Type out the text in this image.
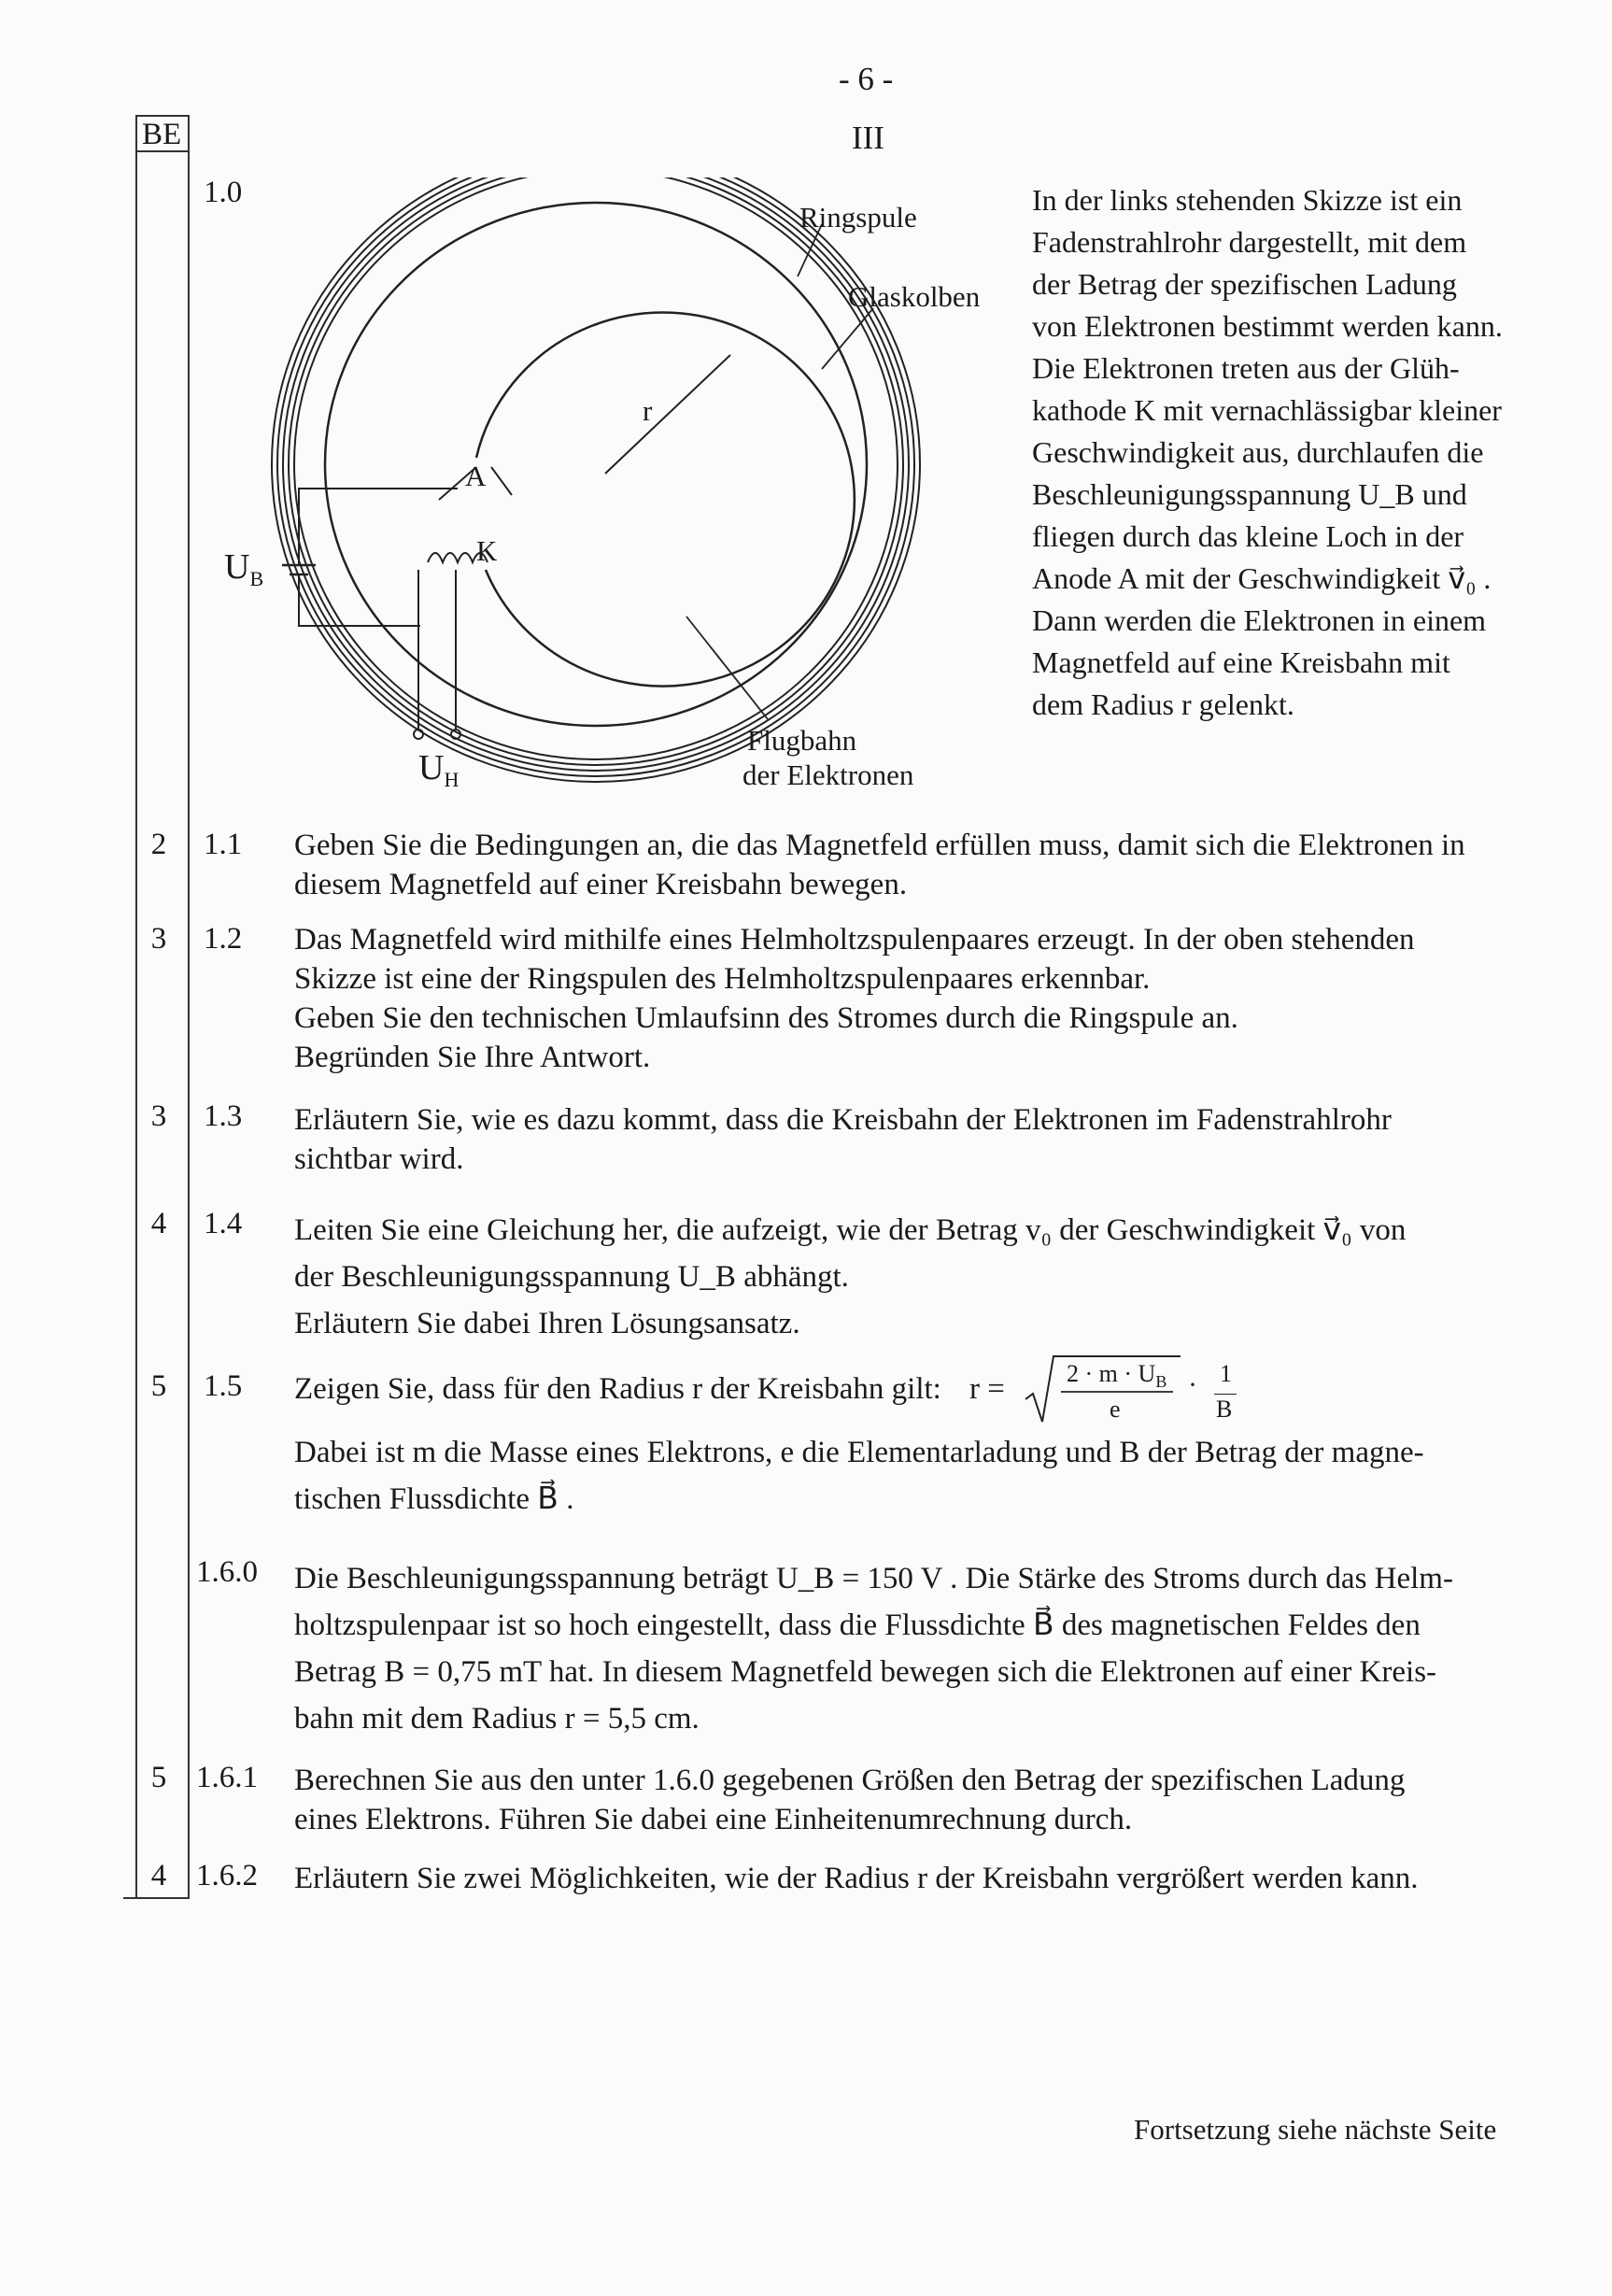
- 6 -
III
BE
1.0
Ringspule
Glaskolben
r
A
K
$U_B$
$U_H$
Flugbahn
der Elektronen
In der links stehenden Skizze ist ein
Fadenstrahlrohr dargestellt, mit dem
der Betrag der spezifischen Ladung
von Elektronen bestimmt werden kann.
Die Elektronen treten aus der Glüh-
kathode K mit vernachlässigbar kleiner
Geschwindigkeit aus, durchlaufen die
Beschleunigungsspannung U_B und
fliegen durch das kleine Loch in der
Anode A mit der Geschwindigkeit v⃗₀ .
Dann werden die Elektronen in einem
Magnetfeld auf eine Kreisbahn mit
dem Radius r gelenkt.
2	1.1 Geben Sie die Bedingungen an, die das Magnetfeld erfüllen muss, damit sich die Elektronen in
diesem Magnetfeld auf einer Kreisbahn bewegen.
3	1.2 Das Magnetfeld wird mithilfe eines Helmholtzspulenpaares erzeugt. In der oben stehenden
Skizze ist eine der Ringspulen des Helmholtzspulenpaares erkennbar.
Geben Sie den technischen Umlaufsinn des Stromes durch die Ringspule an.
Begründen Sie Ihre Antwort.
3	1.3 Erläutern Sie, wie es dazu kommt, dass die Kreisbahn der Elektronen im Fadenstrahlrohr
sichtbar wird.
4	1.4 Leiten Sie eine Gleichung her, die aufzeigt, wie der Betrag v₀ der Geschwindigkeit v⃗₀ von
der Beschleunigungsspannung U_B abhängt.
Erläutern Sie dabei Ihren Lösungsansatz.
5	1.5 Zeigen Sie, dass für den Radius r der Kreisbahn gilt: r =	$2 \cdot m \cdot U_B$
e
· 1
B
Dabei ist m die Masse eines Elektrons, e die Elementarladung und B der Betrag der magne-
tischen Flussdichte B⃗ .
1.6.0 Die Beschleunigungsspannung beträgt U_B = 150 V . Die Stärke des Stroms durch das Helm-
holtzspulenpaar ist so hoch eingestellt, dass die Flussdichte B⃗ des magnetischen Feldes den
Betrag B = 0,75 mT hat. In diesem Magnetfeld bewegen sich die Elektronen auf einer Kreis-
bahn mit dem Radius r = 5,5 cm.
5 1.6.1 Berechnen Sie aus den unter 1.6.0 gegebenen Größen den Betrag der spezifischen Ladung
eines Elektrons. Führen Sie dabei eine Einheitenumrechnung durch.
4 1.6.2 Erläutern Sie zwei Möglichkeiten, wie der Radius r der Kreisbahn vergrößert werden kann.
Fortsetzung siehe nächste Seite
